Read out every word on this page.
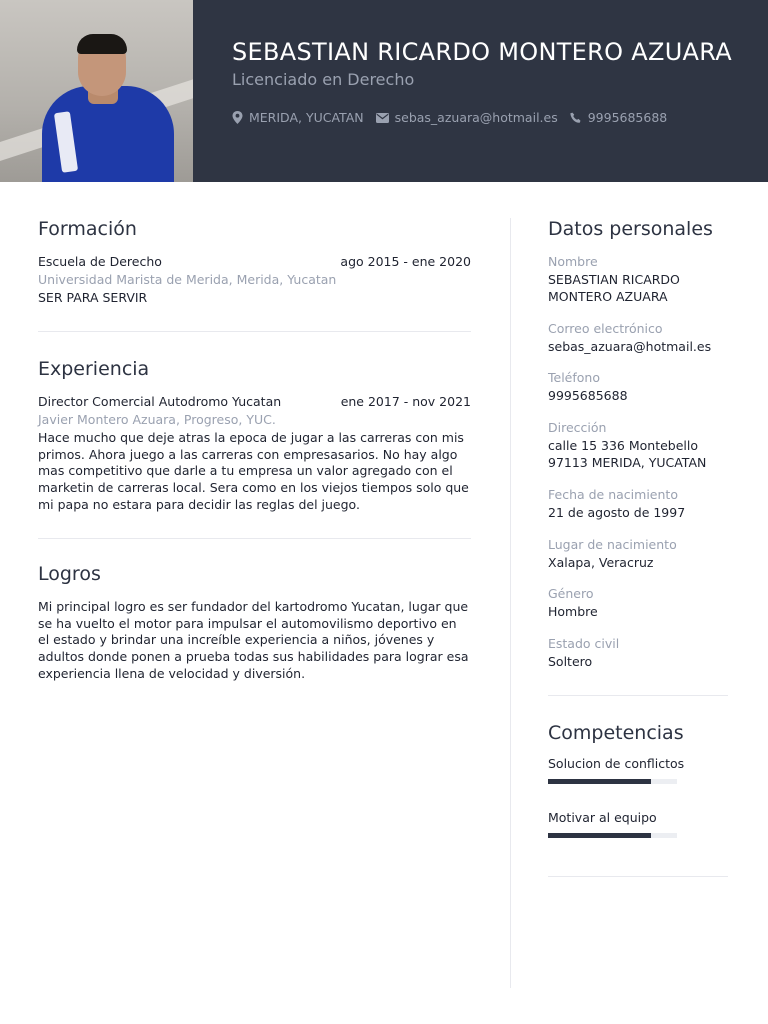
SEBASTIAN RICARDO MONTERO AZUARA
Licenciado en Derecho
MERIDA, YUCATAN sebas_azuara@hotmail.es 9995685688
Formación
Escuela de Derecho	ago 2015 - ene 2020
Universidad Marista de Merida, Merida, Yucatan
SER PARA SERVIR
Experiencia
Director Comercial Autodromo Yucatan	ene 2017 - nov 2021
Javier Montero Azuara, Progreso, YUC.
Hace mucho que deje atras la epoca de jugar a las carreras con mis primos. Ahora juego a las carreras con empresasarios. No hay algo mas competitivo que darle a tu empresa un valor agregado con el marketin de carreras local. Sera como en los viejos tiempos solo que mi papa no estara para decidir las reglas del juego.
Logros
Mi principal logro es ser fundador del kartodromo Yucatan, lugar que se ha vuelto el motor para impulsar el automovilismo deportivo en el estado y brindar una increíble experiencia a niños, jóvenes y adultos donde ponen a prueba todas sus habilidades para lograr esa experiencia llena de velocidad y diversión.
Datos personales
Nombre
SEBASTIAN RICARDO MONTERO AZUARA
Correo electrónico
sebas_azuara@hotmail.es
Teléfono
9995685688
Dirección
calle 15 336 Montebello 97113 MERIDA, YUCATAN
Fecha de nacimiento
21 de agosto de 1997
Lugar de nacimiento
Xalapa, Veracruz
Género
Hombre
Estado civil
Soltero
Competencias
Solucion de conflictos
Motivar al equipo
